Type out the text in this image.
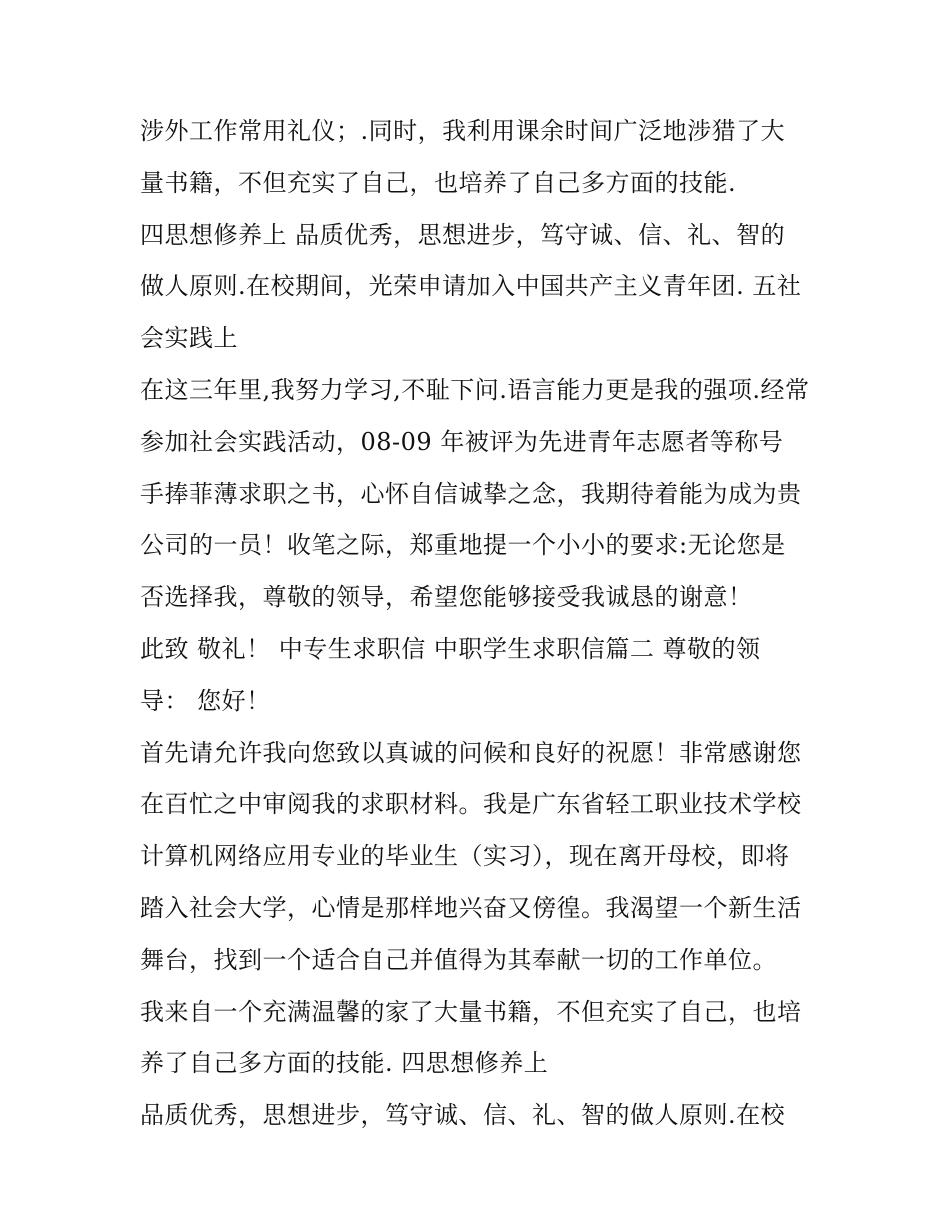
涉外工作常用礼仪；.同时，我利用课余时间广泛地涉猎了大
量书籍，不但充实了自己，也培养了自己多方面的技能.
四思想修养上 品质优秀，思想进步，笃守诚、信、礼、智的
做人原则.在校期间，光荣申请加入中国共产主义青年团. 五社
会实践上
在这三年里,我努力学习,不耻下问.语言能力更是我的强项.经常
参加社会实践活动，08-09 年被评为先进青年志愿者等称号
手捧菲薄求职之书，心怀自信诚挚之念，我期待着能为成为贵
公司的一员！收笔之际，郑重地提一个小小的要求:无论您是
否选择我，尊敬的领导，希望您能够接受我诚恳的谢意！
此致 敬礼！ 中专生求职信 中职学生求职信篇二 尊敬的领
导： 您好！
首先请允许我向您致以真诚的问候和良好的祝愿！非常感谢您
在百忙之中审阅我的求职材料。我是广东省轻工职业技术学校
计算机网络应用专业的毕业生（实习），现在离开母校，即将
踏入社会大学，心情是那样地兴奋又傍徨。我渴望一个新生活
舞台，找到一个适合自己并值得为其奉献一切的工作单位。
我来自一个充满温馨的家了大量书籍，不但充实了自己，也培
养了自己多方面的技能. 四思想修养上
品质优秀，思想进步，笃守诚、信、礼、智的做人原则.在校
